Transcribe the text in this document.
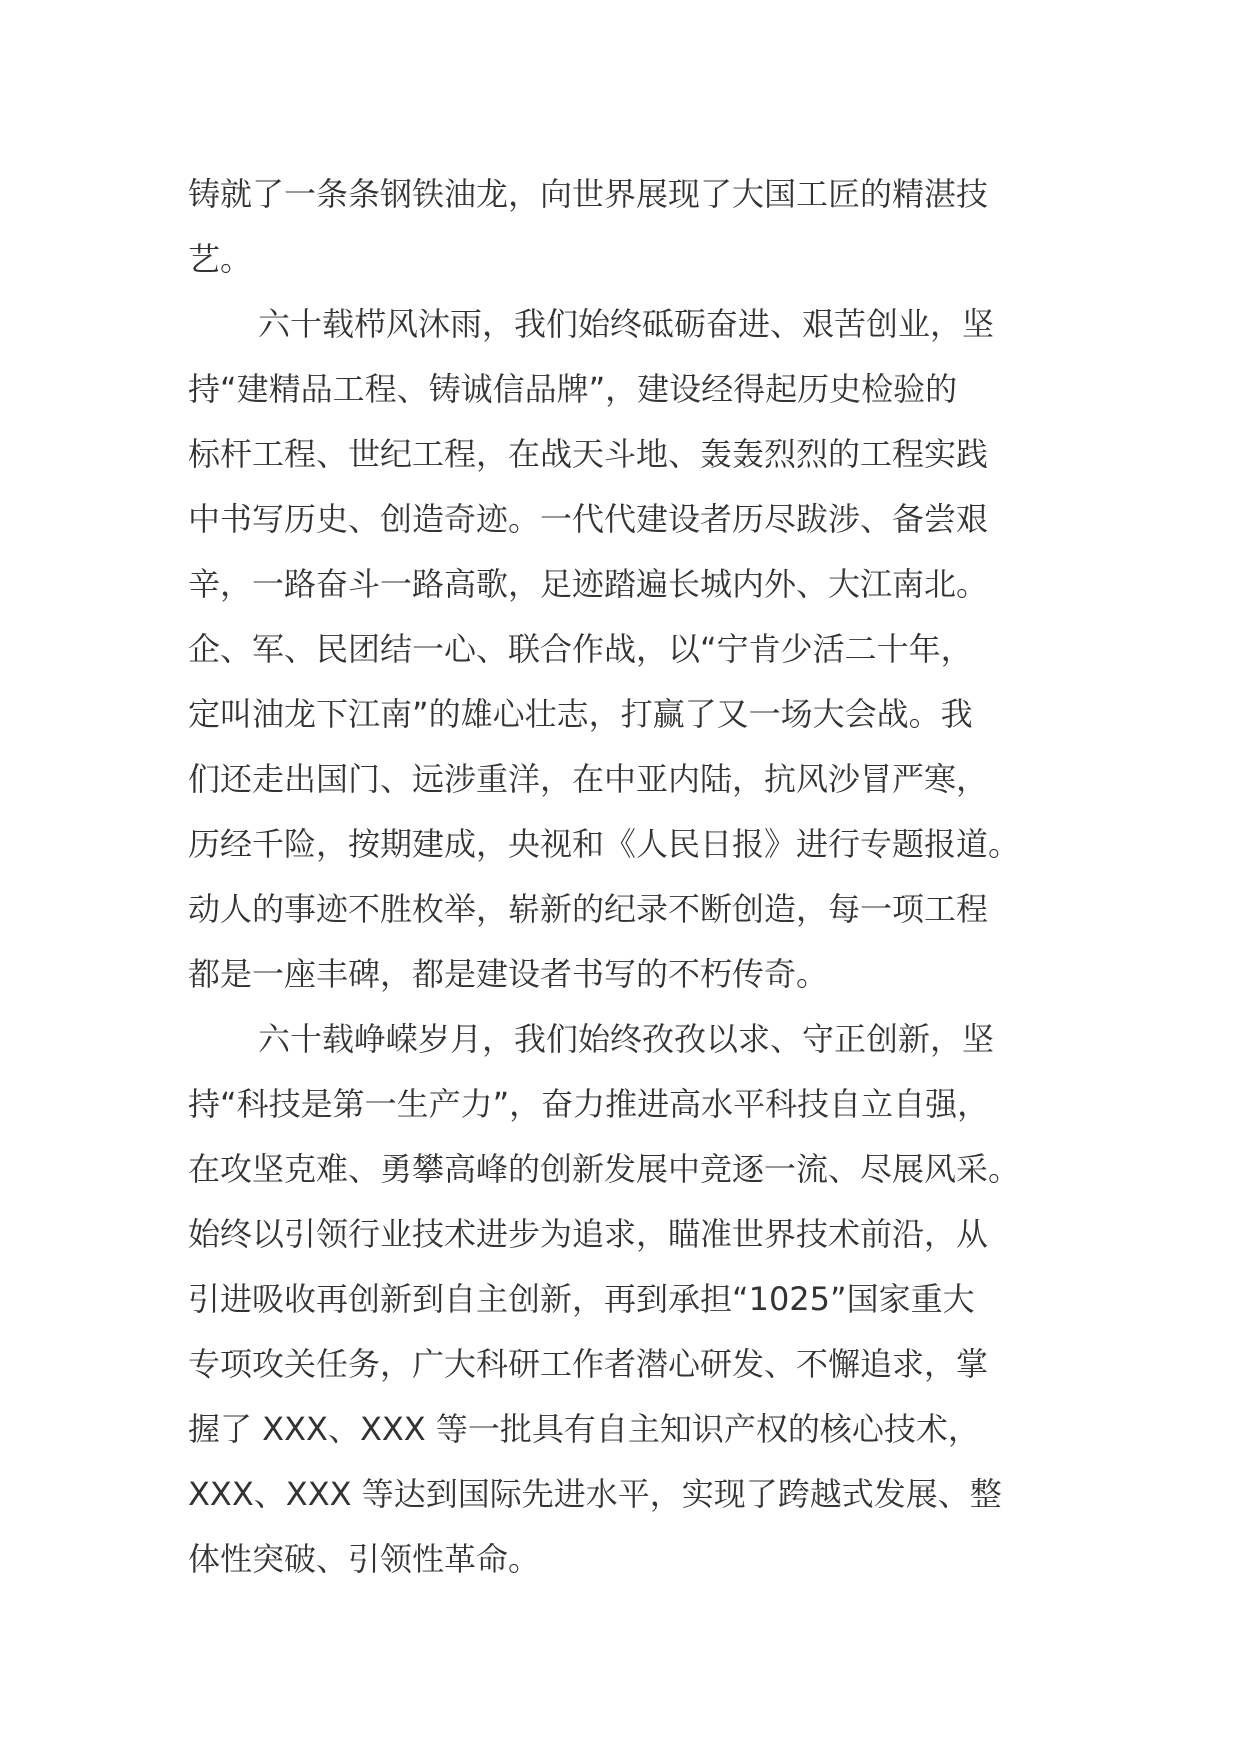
铸就了一条条钢铁油龙，向世界展现了大国工匠的精湛技
艺。
六十载栉风沐雨，我们始终砥砺奋进、艰苦创业，坚
持“建精品工程、铸诚信品牌”，建设经得起历史检验的
标杆工程、世纪工程，在战天斗地、轰轰烈烈的工程实践
中书写历史、创造奇迹。一代代建设者历尽跋涉、备尝艰
辛，一路奋斗一路高歌，足迹踏遍长城内外、大江南北。
企、军、民团结一心、联合作战，以“宁肯少活二十年，
定叫油龙下江南”的雄心壮志，打赢了又一场大会战。我
们还走出国门、远涉重洋，在中亚内陆，抗风沙冒严寒，
历经千险，按期建成，央视和《人民日报》进行专题报道。
动人的事迹不胜枚举，崭新的纪录不断创造，每一项工程
都是一座丰碑，都是建设者书写的不朽传奇。
六十载峥嵘岁月，我们始终孜孜以求、守正创新，坚
持“科技是第一生产力”，奋力推进高水平科技自立自强，
在攻坚克难、勇攀高峰的创新发展中竞逐一流、尽展风采。
始终以引领行业技术进步为追求，瞄准世界技术前沿，从
引进吸收再创新到自主创新，再到承担“1025”国家重大
专项攻关任务，广大科研工作者潜心研发、不懈追求，掌
握了 XXX、XXX 等一批具有自主知识产权的核心技术，
XXX、XXX 等达到国际先进水平，实现了跨越式发展、整
体性突破、引领性革命。
